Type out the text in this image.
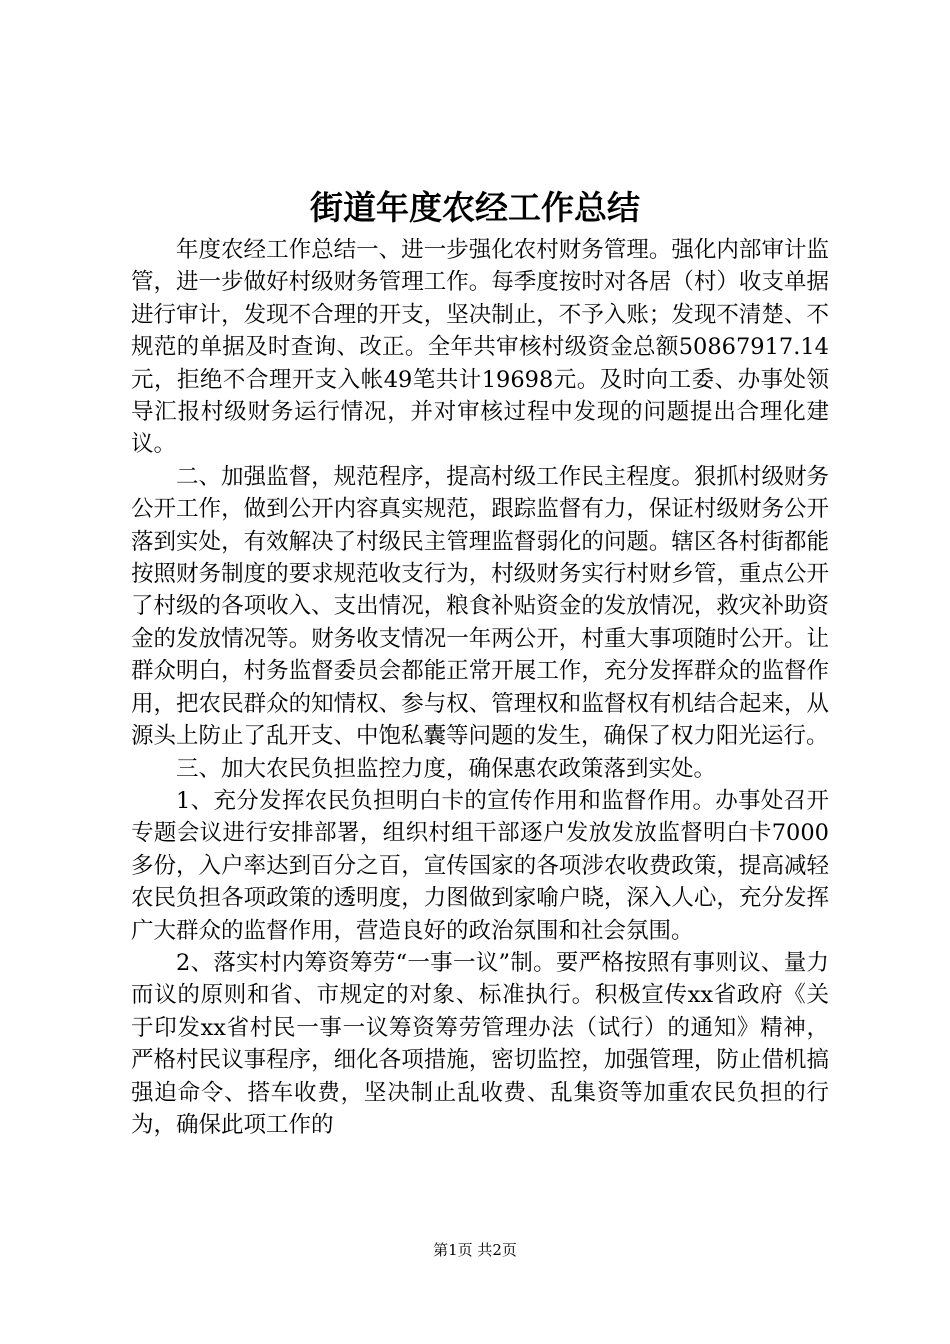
街道年度农经工作总结

年度农经工作总结一、进一步强化农村财务管理。强化内部审计监管，进一步做好村级财务管理工作。每季度按时对各居（村）收支单据进行审计，发现不合理的开支，坚决制止，不予入账；发现不清楚、不规范的单据及时查询、改正。全年共审核村级资金总额50867917.14元，拒绝不合理开支入帐49笔共计19698元。及时向工委、办事处领导汇报村级财务运行情况，并对审核过程中发现的问题提出合理化建议。

二、加强监督，规范程序，提高村级工作民主程度。狠抓村级财务公开工作，做到公开内容真实规范，跟踪监督有力，保证村级财务公开落到实处，有效解决了村级民主管理监督弱化的问题。辖区各村街都能按照财务制度的要求规范收支行为，村级财务实行村财乡管，重点公开了村级的各项收入、支出情况，粮食补贴资金的发放情况，救灾补助资金的发放情况等。财务收支情况一年两公开，村重大事项随时公开。让群众明白，村务监督委员会都能正常开展工作，充分发挥群众的监督作用，把农民群众的知情权、参与权、管理权和监督权有机结合起来，从源头上防止了乱开支、中饱私囊等问题的发生，确保了权力阳光运行。

三、加大农民负担监控力度，确保惠农政策落到实处。

1、充分发挥农民负担明白卡的宣传作用和监督作用。办事处召开专题会议进行安排部署，组织村组干部逐户发放发放监督明白卡7000多份，入户率达到百分之百，宣传国家的各项涉农收费政策，提高减轻农民负担各项政策的透明度，力图做到家喻户晓，深入人心，充分发挥广大群众的监督作用，营造良好的政治氛围和社会氛围。

2、落实村内筹资筹劳“一事一议”制。要严格按照有事则议、量力而议的原则和省、市规定的对象、标准执行。积极宣传xx省政府《关于印发xx省村民一事一议筹资筹劳管理办法（试行）的通知》精神，严格村民议事程序，细化各项措施，密切监控，加强管理，防止借机搞强迫命令、搭车收费，坚决制止乱收费、乱集资等加重农民负担的行为，确保此项工作的

第1页 共2页
